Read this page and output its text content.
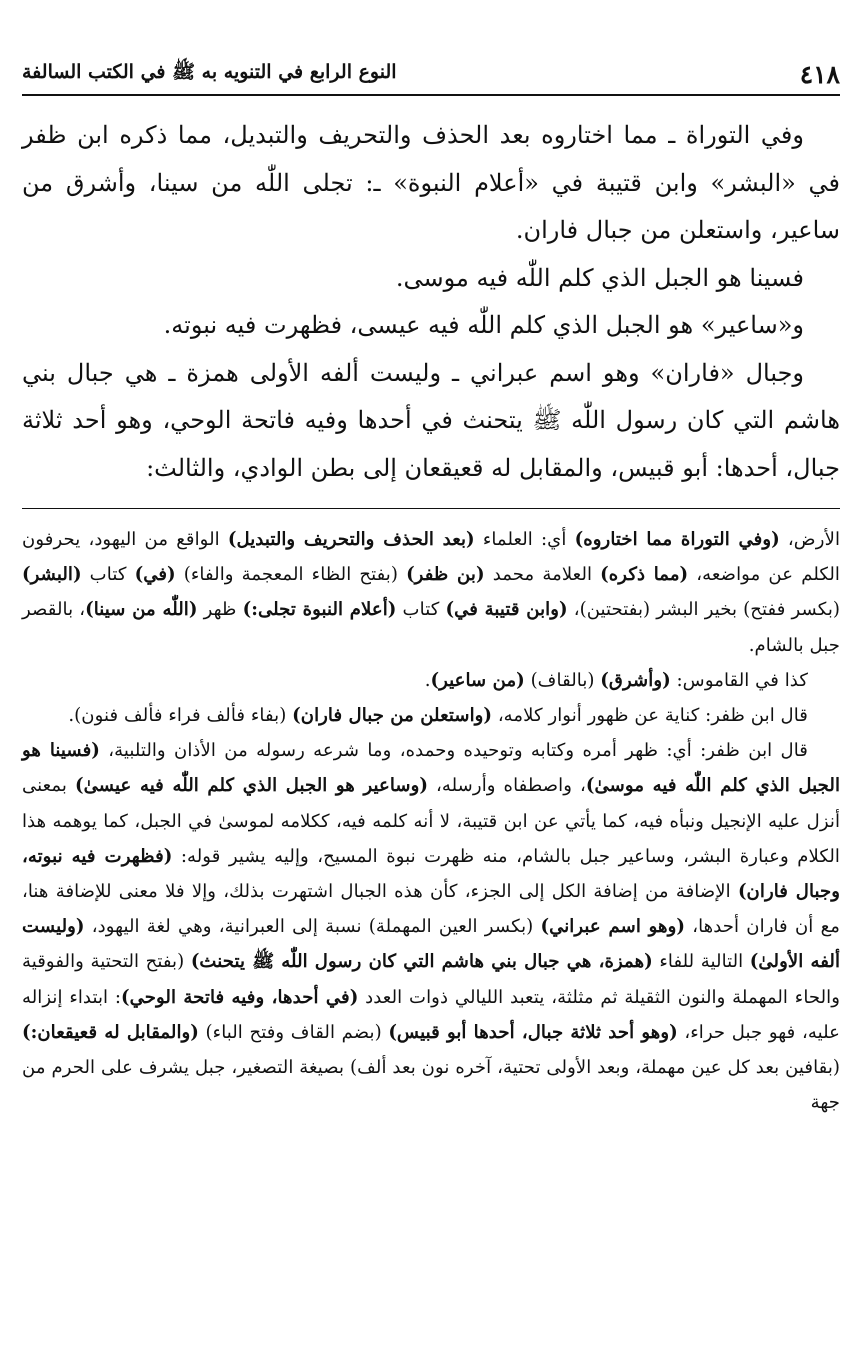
٤١٨
النوع الرابع في التنويه به ﷺ في الكتب السالفة

وفي التوراة ـ مما اختاروه بعد الحذف والتحريف والتبديل، مما ذكره ابن ظفر في «البشر» وابن قتيبة في «أعلام النبوة» ـ: تجلى اللّٰه من سينا، وأشرق من ساعير، واستعلن من جبال فاران.

فسينا هو الجبل الذي كلم اللّٰه فيه موسى.

و«ساعير» هو الجبل الذي كلم اللّٰه فيه عيسى، فظهرت فيه نبوته.

وجبال «فاران» وهو اسم عبراني ـ وليست ألفه الأولى همزة ـ هي جبال بني هاشم التي كان رسول اللّٰه ﷺ يتحنث في أحدها وفيه فاتحة الوحي، وهو أحد ثلاثة جبال، أحدها: أبو قبيس، والمقابل له قعيقعان إلى بطن الوادي، والثالث:

الأرض، (وفي التوراة مما اختاروه) أي: العلماء (بعد الحذف والتحريف والتبديل) الواقع من اليهود، يحرفون الكلم عن مواضعه، (مما ذكره) العلامة محمد (بن ظفر) (بفتح الظاء المعجمة والفاء) (في) كتاب (البشر) (بكسر ففتح) بخير البشر (بفتحتين)، (وابن قتيبة في) كتاب (أعلام النبوة تجلى:) ظهر (اللّٰه من سينا)، بالقصر جبل بالشام.

كذا في القاموس: (وأشرق) (بالقاف) (من ساعير).

قال ابن ظفر: كناية عن ظهور أنوار كلامه، (واستعلن من جبال فاران) (بفاء فألف فراء فألف فنون).

قال ابن ظفر: أي: ظهر أمره وكتابه وتوحيده وحمده، وما شرعه رسوله من الأذان والتلبية، (فسينا هو الجبل الذي كلم اللّٰه فيه موسىٰ)، واصطفاه وأرسله، (وساعير هو الجبل الذي كلم اللّٰه فيه عيسىٰ) بمعنى أنزل عليه الإنجيل ونبأه فيه، كما يأتي عن ابن قتيبة، لا أنه كلمه فيه، ككلامه لموسىٰ في الجبل، كما يوهمه هذا الكلام وعبارة البشر، وساعير جبل بالشام، منه ظهرت نبوة المسيح، وإليه يشير قوله: (فظهرت فيه نبوته، وجبال فاران) الإضافة من إضافة الكل إلى الجزء، كأن هذه الجبال اشتهرت بذلك، وإلا فلا معنى للإضافة هنا، مع أن فاران أحدها، (وهو اسم عبراني) (بكسر العين المهملة) نسبة إلى العبرانية، وهي لغة اليهود، (وليست ألفه الأولىٰ) التالية للفاء (همزة، هي جبال بني هاشم التي كان رسول اللّٰه ﷺ يتحنث) (بفتح التحتية والفوقية والحاء المهملة والنون الثقيلة ثم مثلثة، يتعبد الليالي ذوات العدد (في أحدها، وفيه فاتحة الوحي): ابتداء إنزاله عليه، فهو جبل حراء، (وهو أحد ثلاثة جبال، أحدها أبو قبيس) (بضم القاف وفتح الباء) (والمقابل له قعيقعان:) (بقافين بعد كل عين مهملة، وبعد الأولى تحتية، آخره نون بعد ألف) بصيغة التصغير، جبل يشرف على الحرم من جهة
